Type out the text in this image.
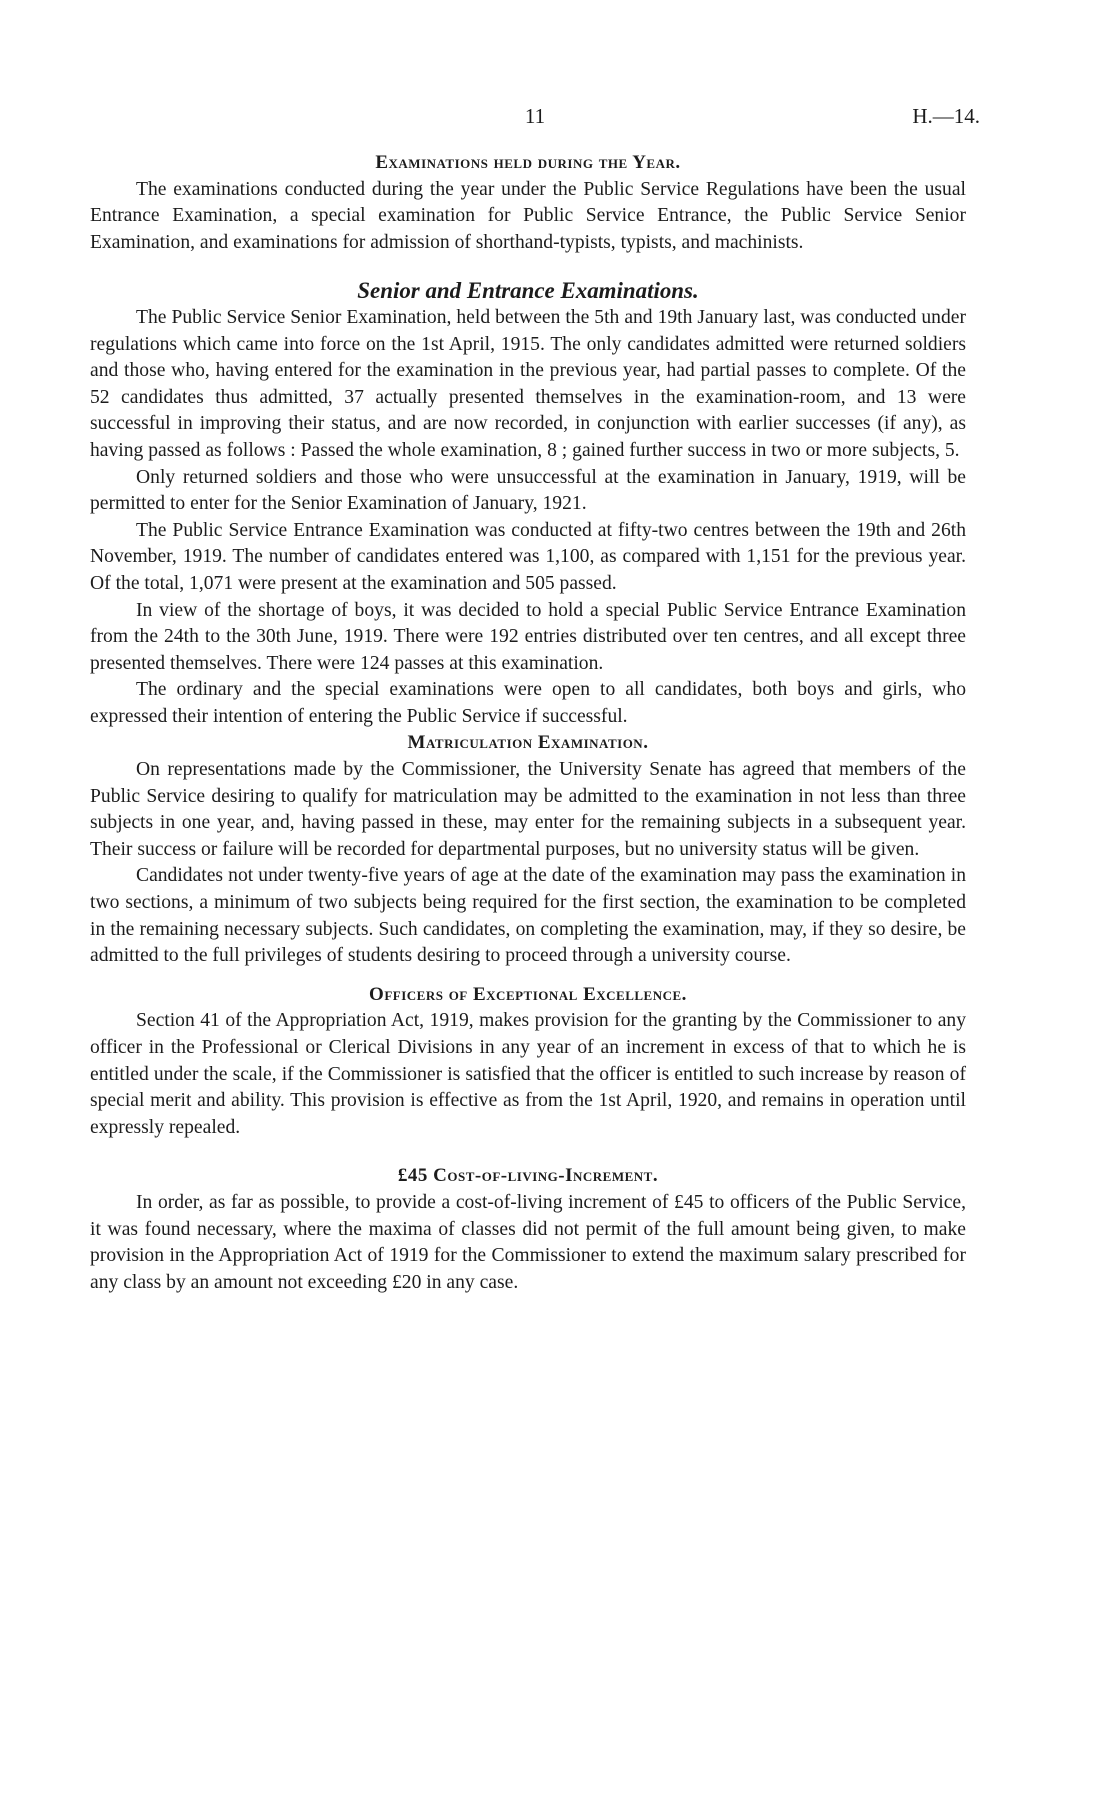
11	H.—14.
Examinations held during the Year.

The examinations conducted during the year under the Public Service Regulations have been the usual Entrance Examination, a special examination for Public Service Entrance, the Public Service Senior Examination, and examinations for admission of shorthand-typists, typists, and machinists.

Senior and Entrance Examinations.

The Public Service Senior Examination, held between the 5th and 19th January last, was conducted under regulations which came into force on the 1st April, 1915. The only candidates admitted were returned soldiers and those who, having entered for the examination in the previous year, had partial passes to complete. Of the 52 candidates thus admitted, 37 actually presented themselves in the examination-room, and 13 were successful in improving their status, and are now recorded, in conjunction with earlier successes (if any), as having passed as follows : Passed the whole examination, 8 ; gained further success in two or more subjects, 5.

Only returned soldiers and those who were unsuccessful at the examination in January, 1919, will be permitted to enter for the Senior Examination of January, 1921.

The Public Service Entrance Examination was conducted at fifty-two centres between the 19th and 26th November, 1919. The number of candidates entered was 1,100, as compared with 1,151 for the previous year. Of the total, 1,071 were present at the examination and 505 passed.

In view of the shortage of boys, it was decided to hold a special Public Service Entrance Examination from the 24th to the 30th June, 1919. There were 192 entries distributed over ten centres, and all except three presented themselves. There were 124 passes at this examination.

The ordinary and the special examinations were open to all candidates, both boys and girls, who expressed their intention of entering the Public Service if successful.

Matriculation Examination.

On representations made by the Commissioner, the University Senate has agreed that members of the Public Service desiring to qualify for matriculation may be admitted to the examination in not less than three subjects in one year, and, having passed in these, may enter for the remaining subjects in a subsequent year. Their success or failure will be recorded for departmental purposes, but no university status will be given.

Candidates not under twenty-five years of age at the date of the examination may pass the examination in two sections, a minimum of two subjects being required for the first section, the examination to be completed in the remaining necessary subjects. Such candidates, on completing the examination, may, if they so desire, be admitted to the full privileges of students desiring to proceed through a university course.

Officers of Exceptional Excellence.

Section 41 of the Appropriation Act, 1919, makes provision for the granting by the Commissioner to any officer in the Professional or Clerical Divisions in any year of an increment in excess of that to which he is entitled under the scale, if the Commissioner is satisfied that the officer is entitled to such increase by reason of special merit and ability. This provision is effective as from the 1st April, 1920, and remains in operation until expressly repealed.

£45 Cost-of-living-Increment.

In order, as far as possible, to provide a cost-of-living increment of £45 to officers of the Public Service, it was found necessary, where the maxima of classes did not permit of the full amount being given, to make provision in the Appropriation Act of 1919 for the Commissioner to extend the maximum salary prescribed for any class by an amount not exceeding £20 in any case.
